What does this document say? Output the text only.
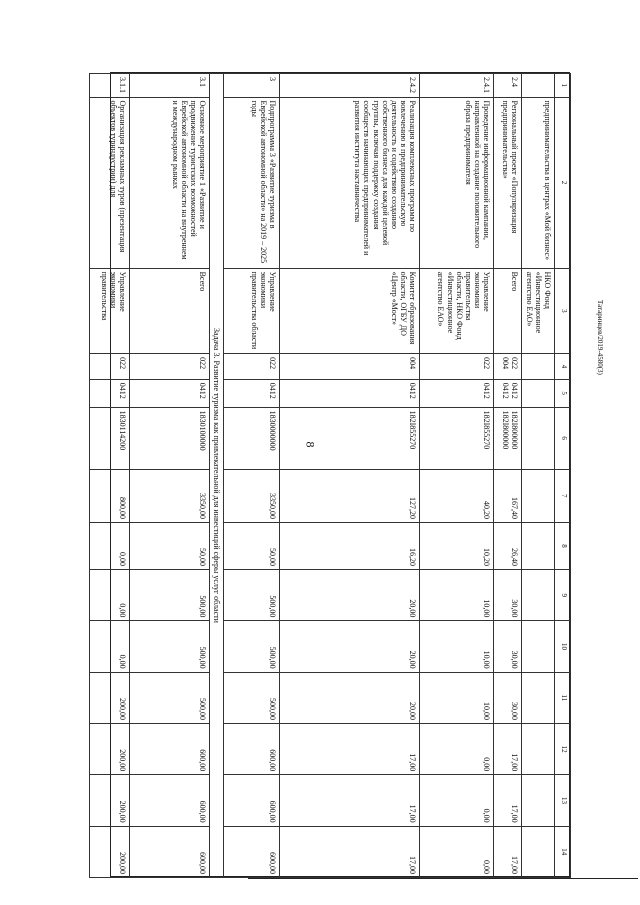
8
1	2	3	4	5	6	7	8	9	10	11	12	13	14
	предпринимательства в центрах «Мой бизнес»	НКО Фонд «Инвестиционное агентство ЕАО»											
2.4	Региональный проект «Популяризация предпринимательства»	Всего	022 004	0412 0412	182I800000 182I800000	167,40	26,40	30,00	30,00	30,00	17,00	17,00	17,00
2.4.1	Проведение информационной кампании, направленной на создание положительного образа предпринимателя	Управление экономики правительства области, НКО Фонд «Инвестиционное агентство ЕАО»	022	0412	182I855270	40,20	10,20	10,00	10,00	10,00	0,00	0,00	0,00
2.4.2	Реализация комплексных программ по вовлечению в предпринимательскую деятельность и содействию созданию собственного бизнеса для каждой целевой группы, включая поддержку создания сообществ начинающих предпринимателей и развития института наставничества	Комитет образования области, ОГБУ ДО «Центр «Мост»	004	0412	182I855270	127,20	16,20	20,00	20,00	20,00	17,00	17,00	17,00
3	Подпрограмма 3 «Развитие туризма в Еврейской автономной области» на 2019 – 2025 годы	Управление экономики правительства области	022	0412	1830000000	3350,00	50,00	500,00	500,00	500,00	600,00	600,00	600,00
Задача 3. Развитие туризма как привлекательной для инвестиций сферы услуг области													
3.1	Основное мероприятие 1 «Развитие и продвижение туристских возможностей Еврейской автономной области на внутреннем и международном рынках	Всего	022	0412	1830100000	3350,00	50,00	500,00	500,00	500,00	600,00	600,00	600,00
3.1.1	Организация рекламных туров (презентация объектов турнндустрии) для	Управление экономики правительства	022	0412	1830114200	800,00	0,00	0,00	0,00	200,00	200,00	200,00	200,00
Татаринцев/2019-4580(3)
